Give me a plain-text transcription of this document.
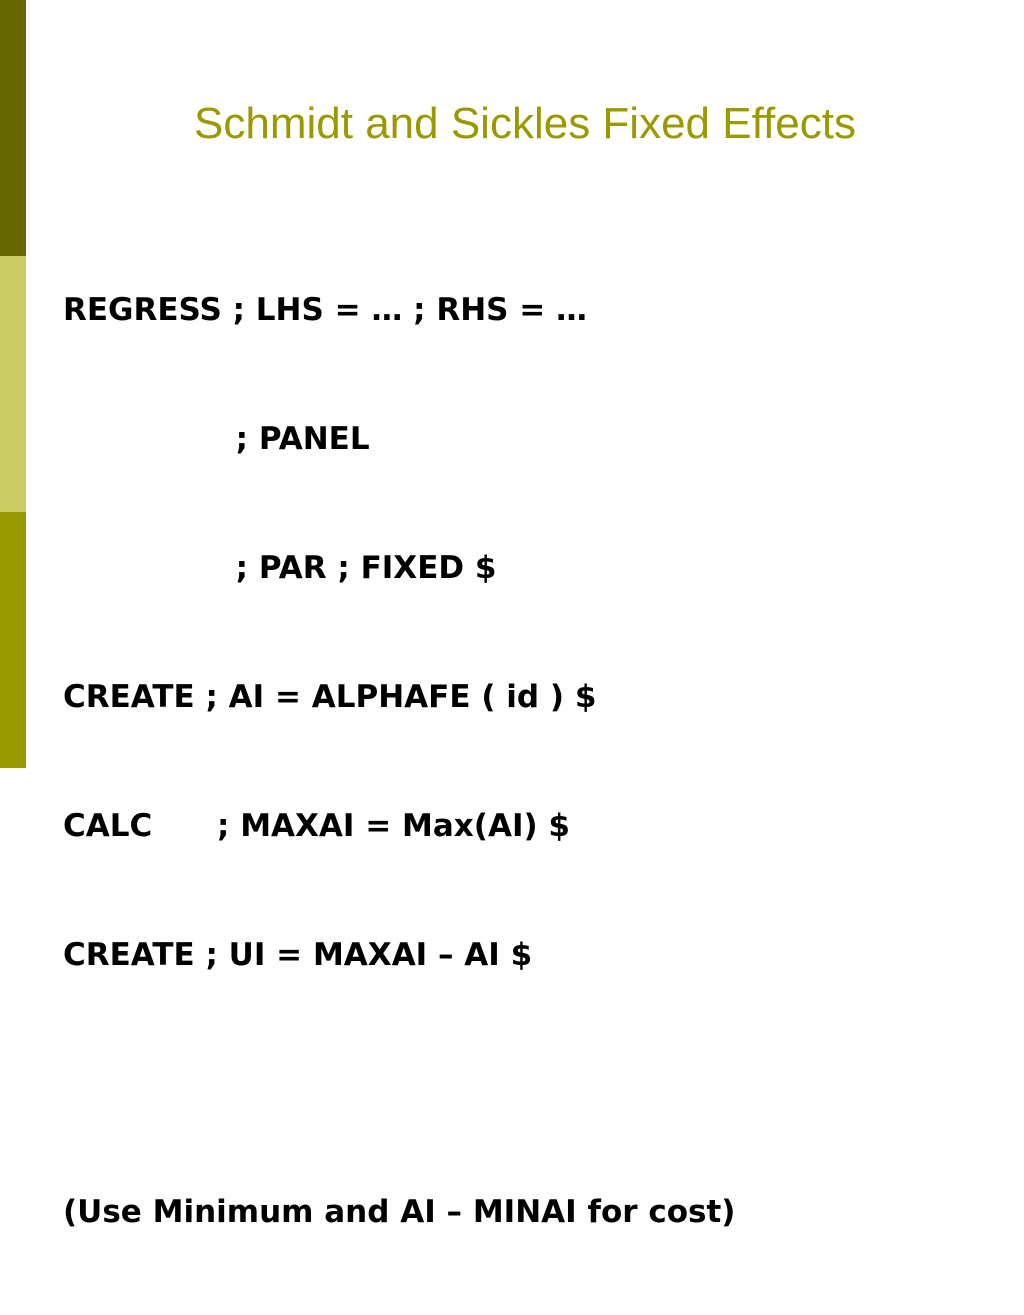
Schmidt and Sickles Fixed Effects

REGRESS ; LHS = … ; RHS = …

; PANEL

; PAR ; FIXED $

CREATE ; AI = ALPHAFE ( id ) $

CALC      ; MAXAI = Max(AI) $

CREATE ; UI = MAXAI – AI $

(Use Minimum and AI – MINAI for cost)
